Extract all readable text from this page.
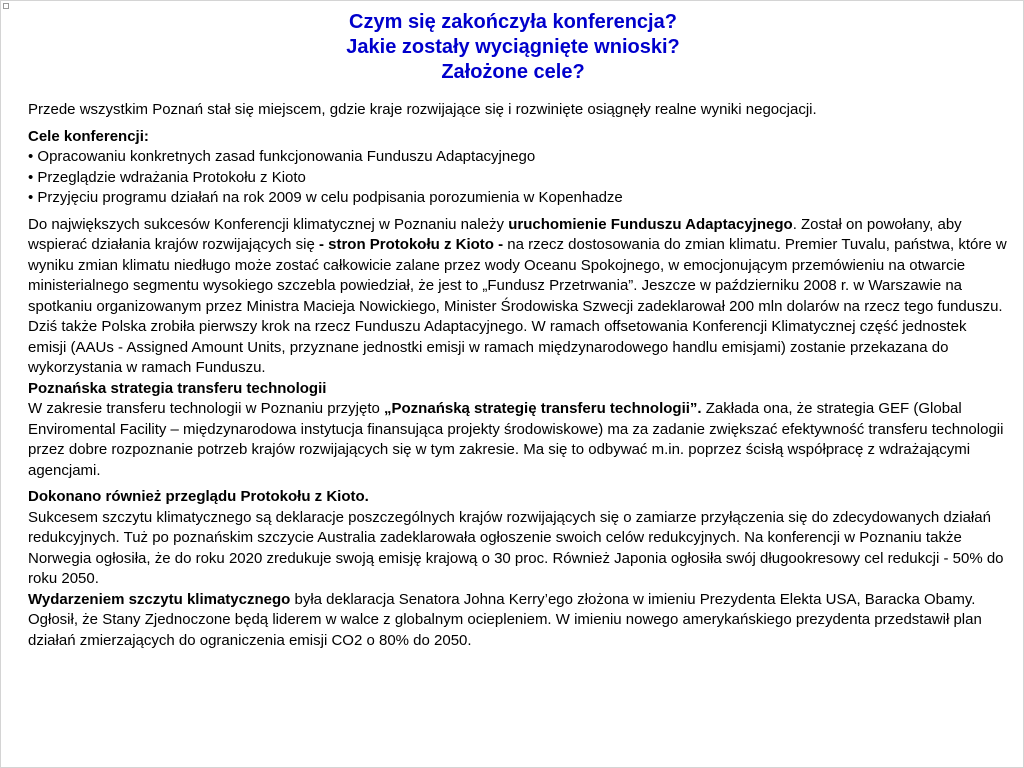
Czym się zakończyła konferencja?
Jakie zostały wyciągnięte wnioski?
Założone cele?

Przede wszystkim Poznań stał się miejscem, gdzie kraje rozwijające się i rozwinięte osiągnęły realne wyniki negocjacji.

Cele konferencji:
• Opracowaniu konkretnych zasad funkcjonowania Funduszu Adaptacyjnego
• Przeglądzie wdrażania Protokołu z Kioto
• Przyjęciu programu działań na rok 2009 w celu podpisania porozumienia w Kopenhadze

Do największych sukcesów Konferencji klimatycznej w Poznaniu należy uruchomienie Funduszu Adaptacyjnego. Został on powołany, aby wspierać działania krajów rozwijających się - stron Protokołu z Kioto - na rzecz dostosowania do zmian klimatu. Premier Tuvalu, państwa, które w wyniku zmian klimatu niedługo może zostać całkowicie zalane przez wody Oceanu Spokojnego, w emocjonującym przemówieniu na otwarcie ministerialnego segmentu wysokiego szczebla powiedział, że jest to „Fundusz Przetrwania”. Jeszcze w październiku 2008 r. w Warszawie na spotkaniu organizowanym przez Ministra Macieja Nowickiego, Minister Środowiska Szwecji zadeklarował 200 mln dolarów na rzecz tego funduszu. Dziś także Polska zrobiła pierwszy krok na rzecz Funduszu Adaptacyjnego. W ramach offsetowania Konferencji Klimatycznej część jednostek emisji (AAUs - Assigned Amount Units, przyznane jednostki emisji w ramach międzynarodowego handlu emisjami) zostanie przekazana do wykorzystania w ramach Funduszu.

Poznańska strategia transferu technologii

W zakresie transferu technologii w Poznaniu przyjęto „Poznańską strategię transferu technologii”. Zakłada ona, że strategia GEF (Global Enviromental Facility – międzynarodowa instytucja finansująca projekty środowiskowe) ma za zadanie zwiększać efektywność transferu technologii przez dobre rozpoznanie potrzeb krajów rozwijających się w tym zakresie. Ma się to odbywać m.in. poprzez ścisłą współpracę z wdrażającymi agencjami.

Dokonano również przeglądu Protokołu z Kioto.

Sukcesem szczytu klimatycznego są deklaracje poszczególnych krajów rozwijających się o zamiarze przyłączenia się do zdecydowanych działań redukcyjnych. Tuż po poznańskim szczycie Australia zadeklarowała ogłoszenie swoich celów redukcyjnych. Na konferencji w Poznaniu także Norwegia ogłosiła, że do roku 2020 zredukuje swoją emisję krajową o 30 proc. Również Japonia ogłosiła swój długookresowy cel redukcji - 50% do roku 2050.

Wydarzeniem szczytu klimatycznego była deklaracja Senatora Johna Kerry’ego złożona w imieniu Prezydenta Elekta USA, Baracka Obamy. Ogłosił, że Stany Zjednoczone będą liderem w walce z globalnym ociepleniem. W imieniu nowego amerykańskiego prezydenta przedstawił plan działań zmierzających do ograniczenia emisji CO2 o 80% do 2050.
